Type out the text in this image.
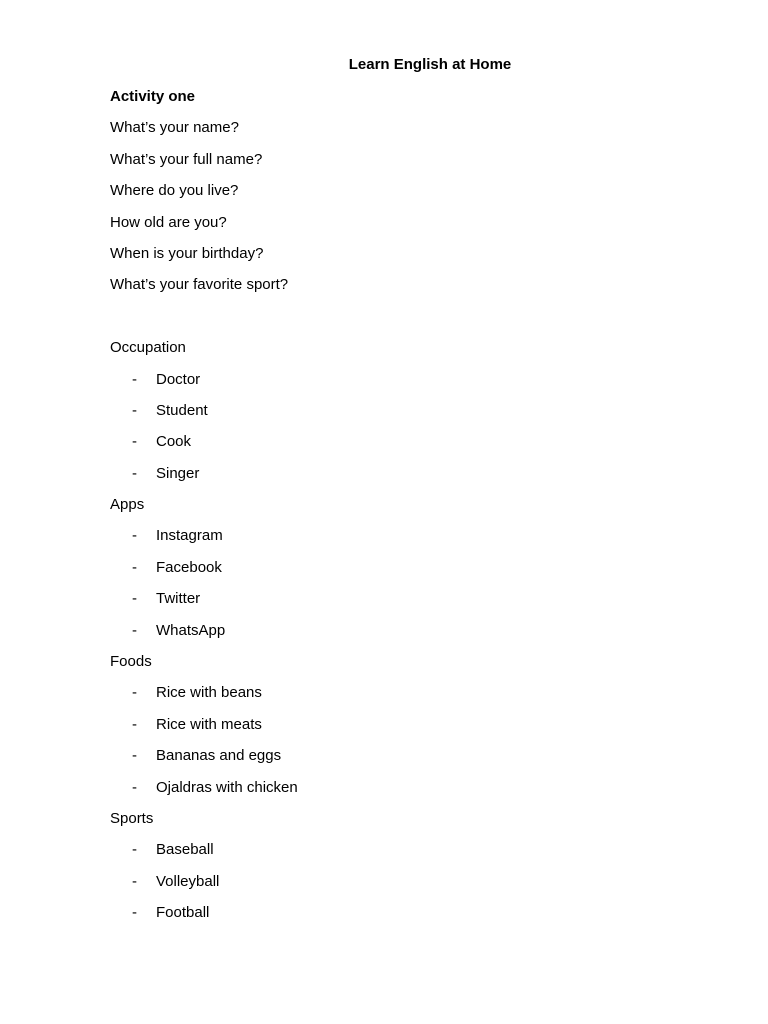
Learn English at Home
Activity one
What’s your name?
What’s your full name?
Where do you live?
How old are you?
When is your birthday?
What’s your favorite sport?
Occupation
- Doctor
- Student
- Cook
- Singer
Apps
- Instagram
- Facebook
- Twitter
- WhatsApp
Foods
- Rice with beans
- Rice with meats
- Bananas and eggs
- Ojaldras with chicken
Sports
- Baseball
- Volleyball
- Football
